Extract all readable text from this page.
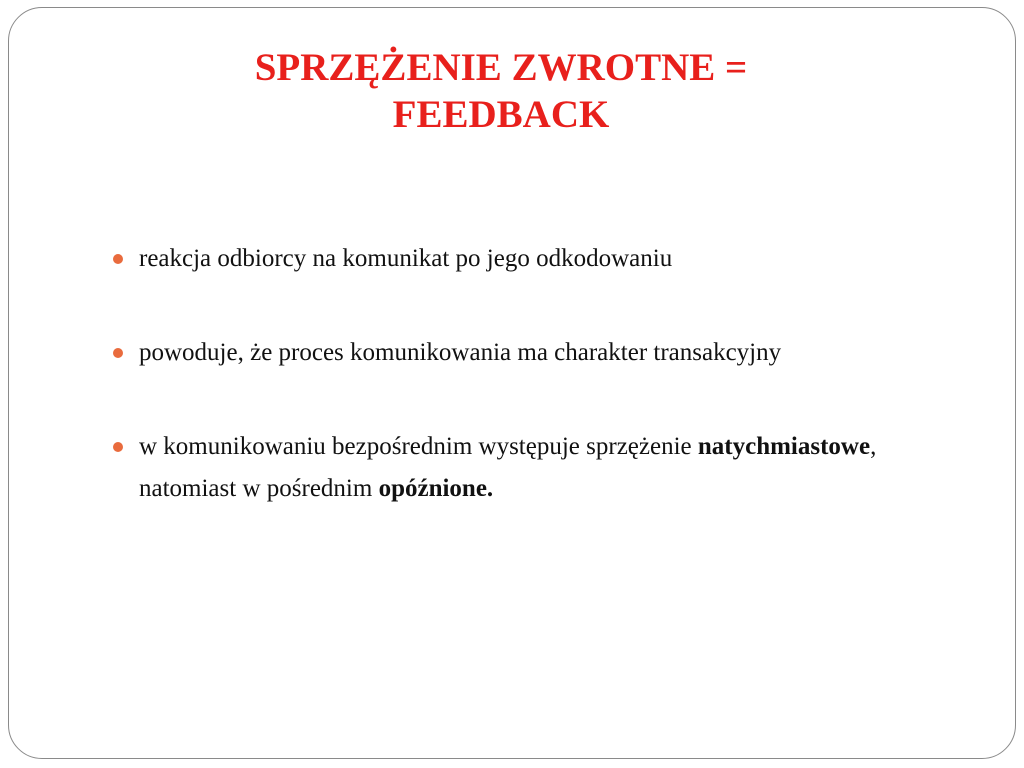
SPRZĘŻENIE ZWROTNE =
FEEDBACK
reakcja odbiorcy na komunikat po jego odkodowaniu
powoduje, że proces komunikowania ma charakter transakcyjny
w komunikowaniu bezpośrednim występuje sprzężenie natychmiastowe, natomiast w pośrednim opóźnione.
